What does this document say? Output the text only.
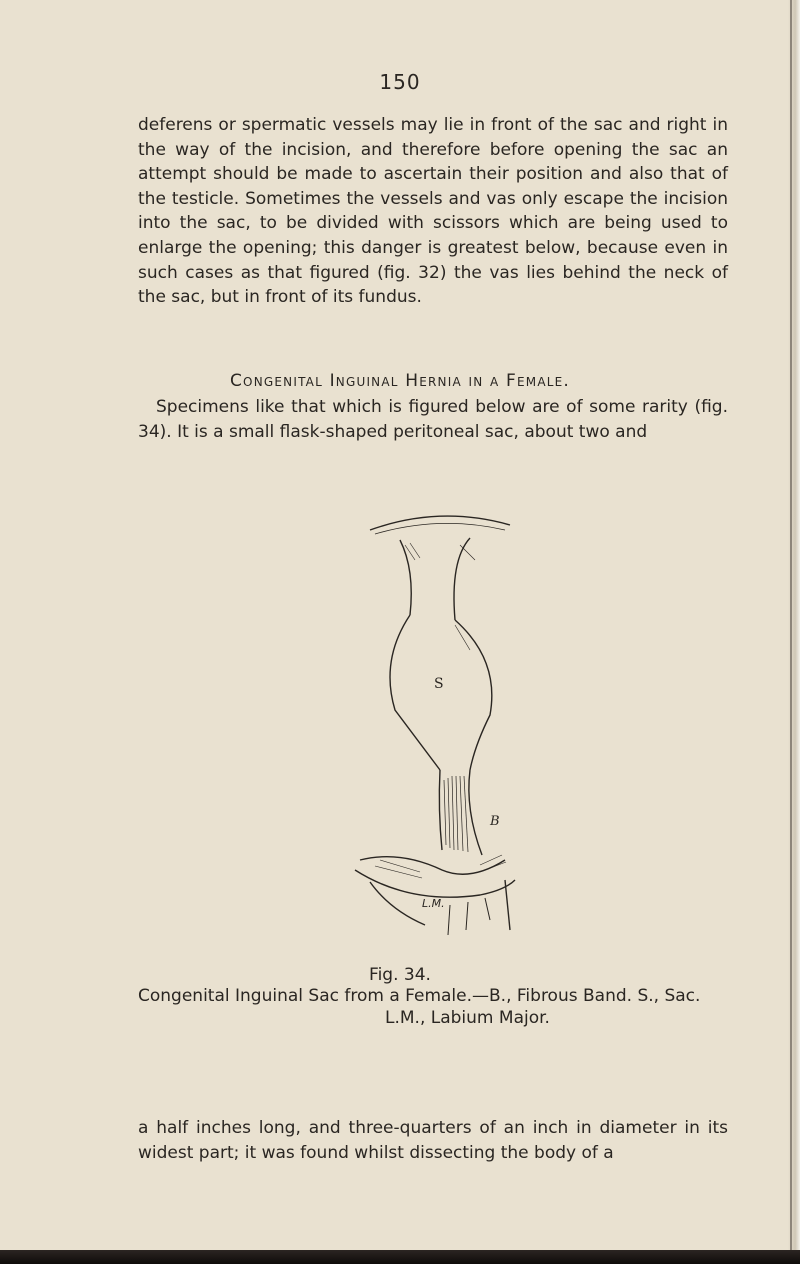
150
deferens or spermatic vessels may lie in front of the sac and right in the way of the incision, and therefore before opening the sac an attempt should be made to ascertain their position and also that of the testicle. Sometimes the vessels and vas only escape the incision into the sac, to be divided with scissors which are being used to enlarge the opening; this danger is greatest below, because even in such cases as that figured (fig. 32) the vas lies behind the neck of the sac, but in front of its fundus.
Congenital Inguinal Hernia in a Female.
Specimens like that which is figured below are of some rarity (fig. 34). It is a small flask-shaped peritoneal sac, about two and
S
B
L.M.
Fig. 34.
Congenital Inguinal Sac from a Female.—B., Fibrous Band. S., Sac.
L.M., Labium Major.
a half inches long, and three-quarters of an inch in diameter in its widest part; it was found whilst dissecting the body of a
